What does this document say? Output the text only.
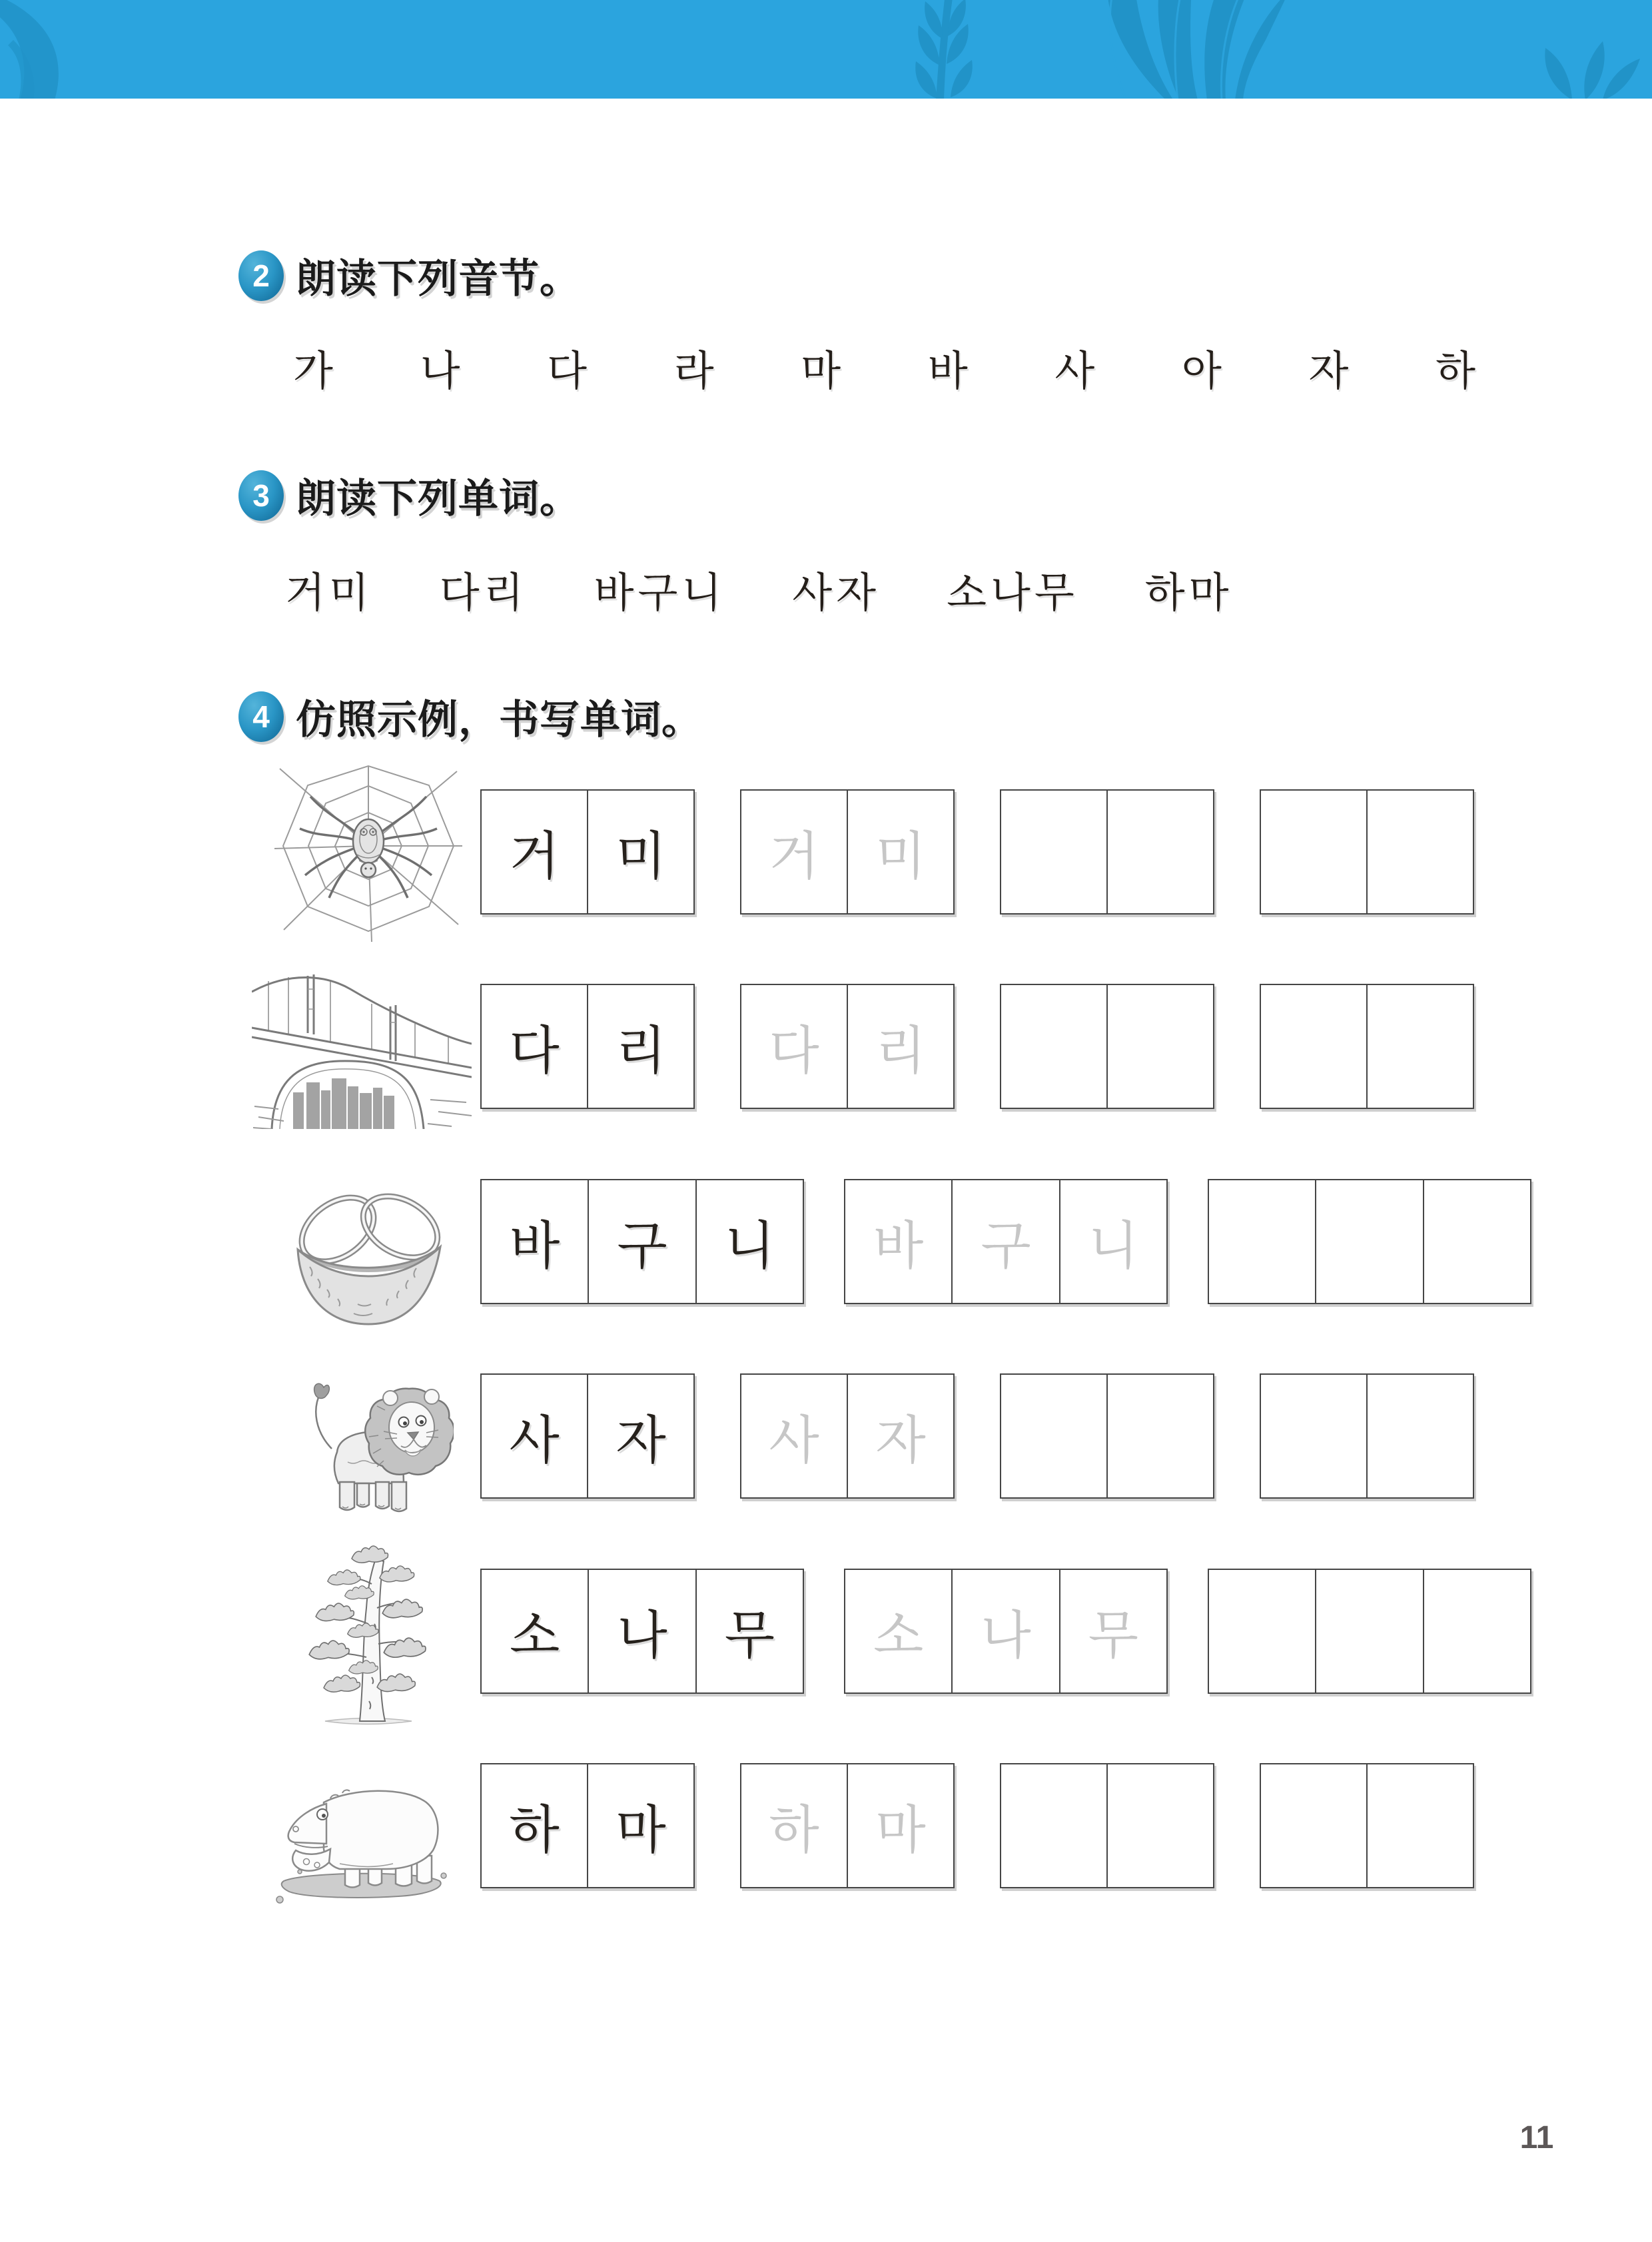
2 朗读下列音节。
가 나 다 라 마 바 사 아 자 하
3 朗读下列单词。
거미 다리 바구니 사자 소나무 하마
4 仿照示例，书写单词。
거	미	거	미
다	리	다	리
바	구	니	바	구	니
사	자	사	자
소	나	무	소	나	무
하	마	하	마
11
